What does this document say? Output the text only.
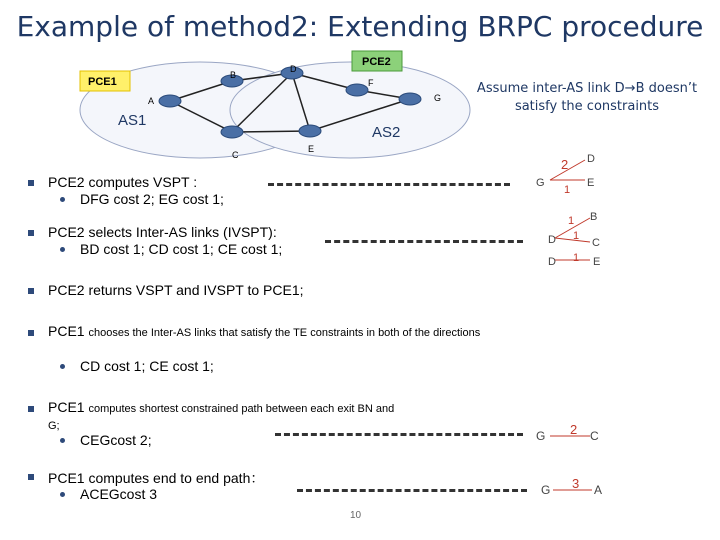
Example of method2: Extending BRPC procedure
PCE1
PCE2
AS1
AS2
A
B
C
D
E
F
G
Assume inter-AS link D→B doesn’t satisfy the constraints
PCE2 computes VSPT :
DFG cost 2; EG cost 1;
PCE2 selects Inter-AS links (IVSPT):
BD cost 1; CD cost 1; CE cost 1;
PCE2 returns VSPT and IVSPT to PCE1;
PCE1 chooses the Inter-AS links that satisfy the TE constraints in both of the directions
CD cost 1; CE cost 1;
PCE1 computes shortest constrained path between each exit BN and G;
CEGcost 2;
PCE1 computes end to end path：
ACEGcost 3
G
D
E
2
1
B
D	C
D	E
1
1
1
G	C
2
G	A
3
10
